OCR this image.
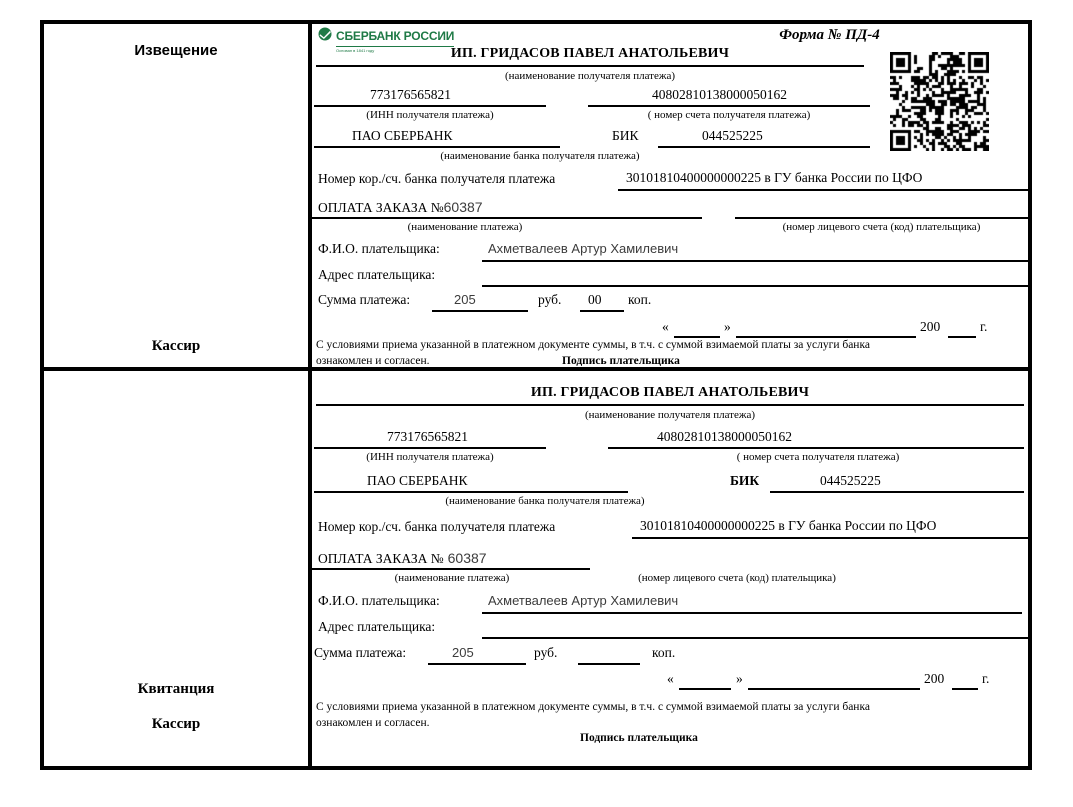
Извещение
Кассир
СБЕРБАНК РОССИИ
Основан в 1841 году
Форма № ПД-4
ИП. ГРИДАСОВ ПАВЕЛ АНАТОЛЬЕВИЧ
(наименование получателя платежа)
773176565821	40802810138000050162
(ИНН получателя платежа)	( номер счета получателя платежа)
ПАО СБЕРБАНК	БИК	044525225
(наименование банка получателя платежа)
Номер кор./сч. банка получателя платежа	30101810400000000225 в ГУ банка России по ЦФО
ОПЛАТА ЗАКАЗА №60387
(наименование платежа)	(номер лицевого счета (код) плательщика)
Ф.И.О. плательщика:	Ахметвалеев Артур Хамилевич
Адрес плательщика:
Сумма платежа:	205	руб. 00 коп.
«	»	200	г.
С условиями приема указанной в платежном документе суммы, в т.ч. с суммой взимаемой платы за услуги банка
ознакомлен и согласен.	Подпись плательщика
Квитанция
Кассир
ИП. ГРИДАСОВ ПАВЕЛ АНАТОЛЬЕВИЧ
(наименование получателя платежа)
773176565821	40802810138000050162
(ИНН получателя платежа)	( номер счета получателя платежа)
ПАО СБЕРБАНК	БИК	044525225
(наименование банка получателя платежа)
Номер кор./сч. банка получателя платежа	30101810400000000225 в ГУ банка России по ЦФО
ОПЛАТА ЗАКАЗА № 60387
(наименование платежа)	(номер лицевого счета (код) плательщика)
Ф.И.О. плательщика:	Ахметвалеев Артур Хамилевич
Адрес плательщика:
Сумма платежа:	205	руб.	коп.
«	»	200	г.
С условиями приема указанной в платежном документе суммы, в т.ч. с суммой взимаемой платы за услуги банка
ознакомлен и согласен.
Подпись плательщика
